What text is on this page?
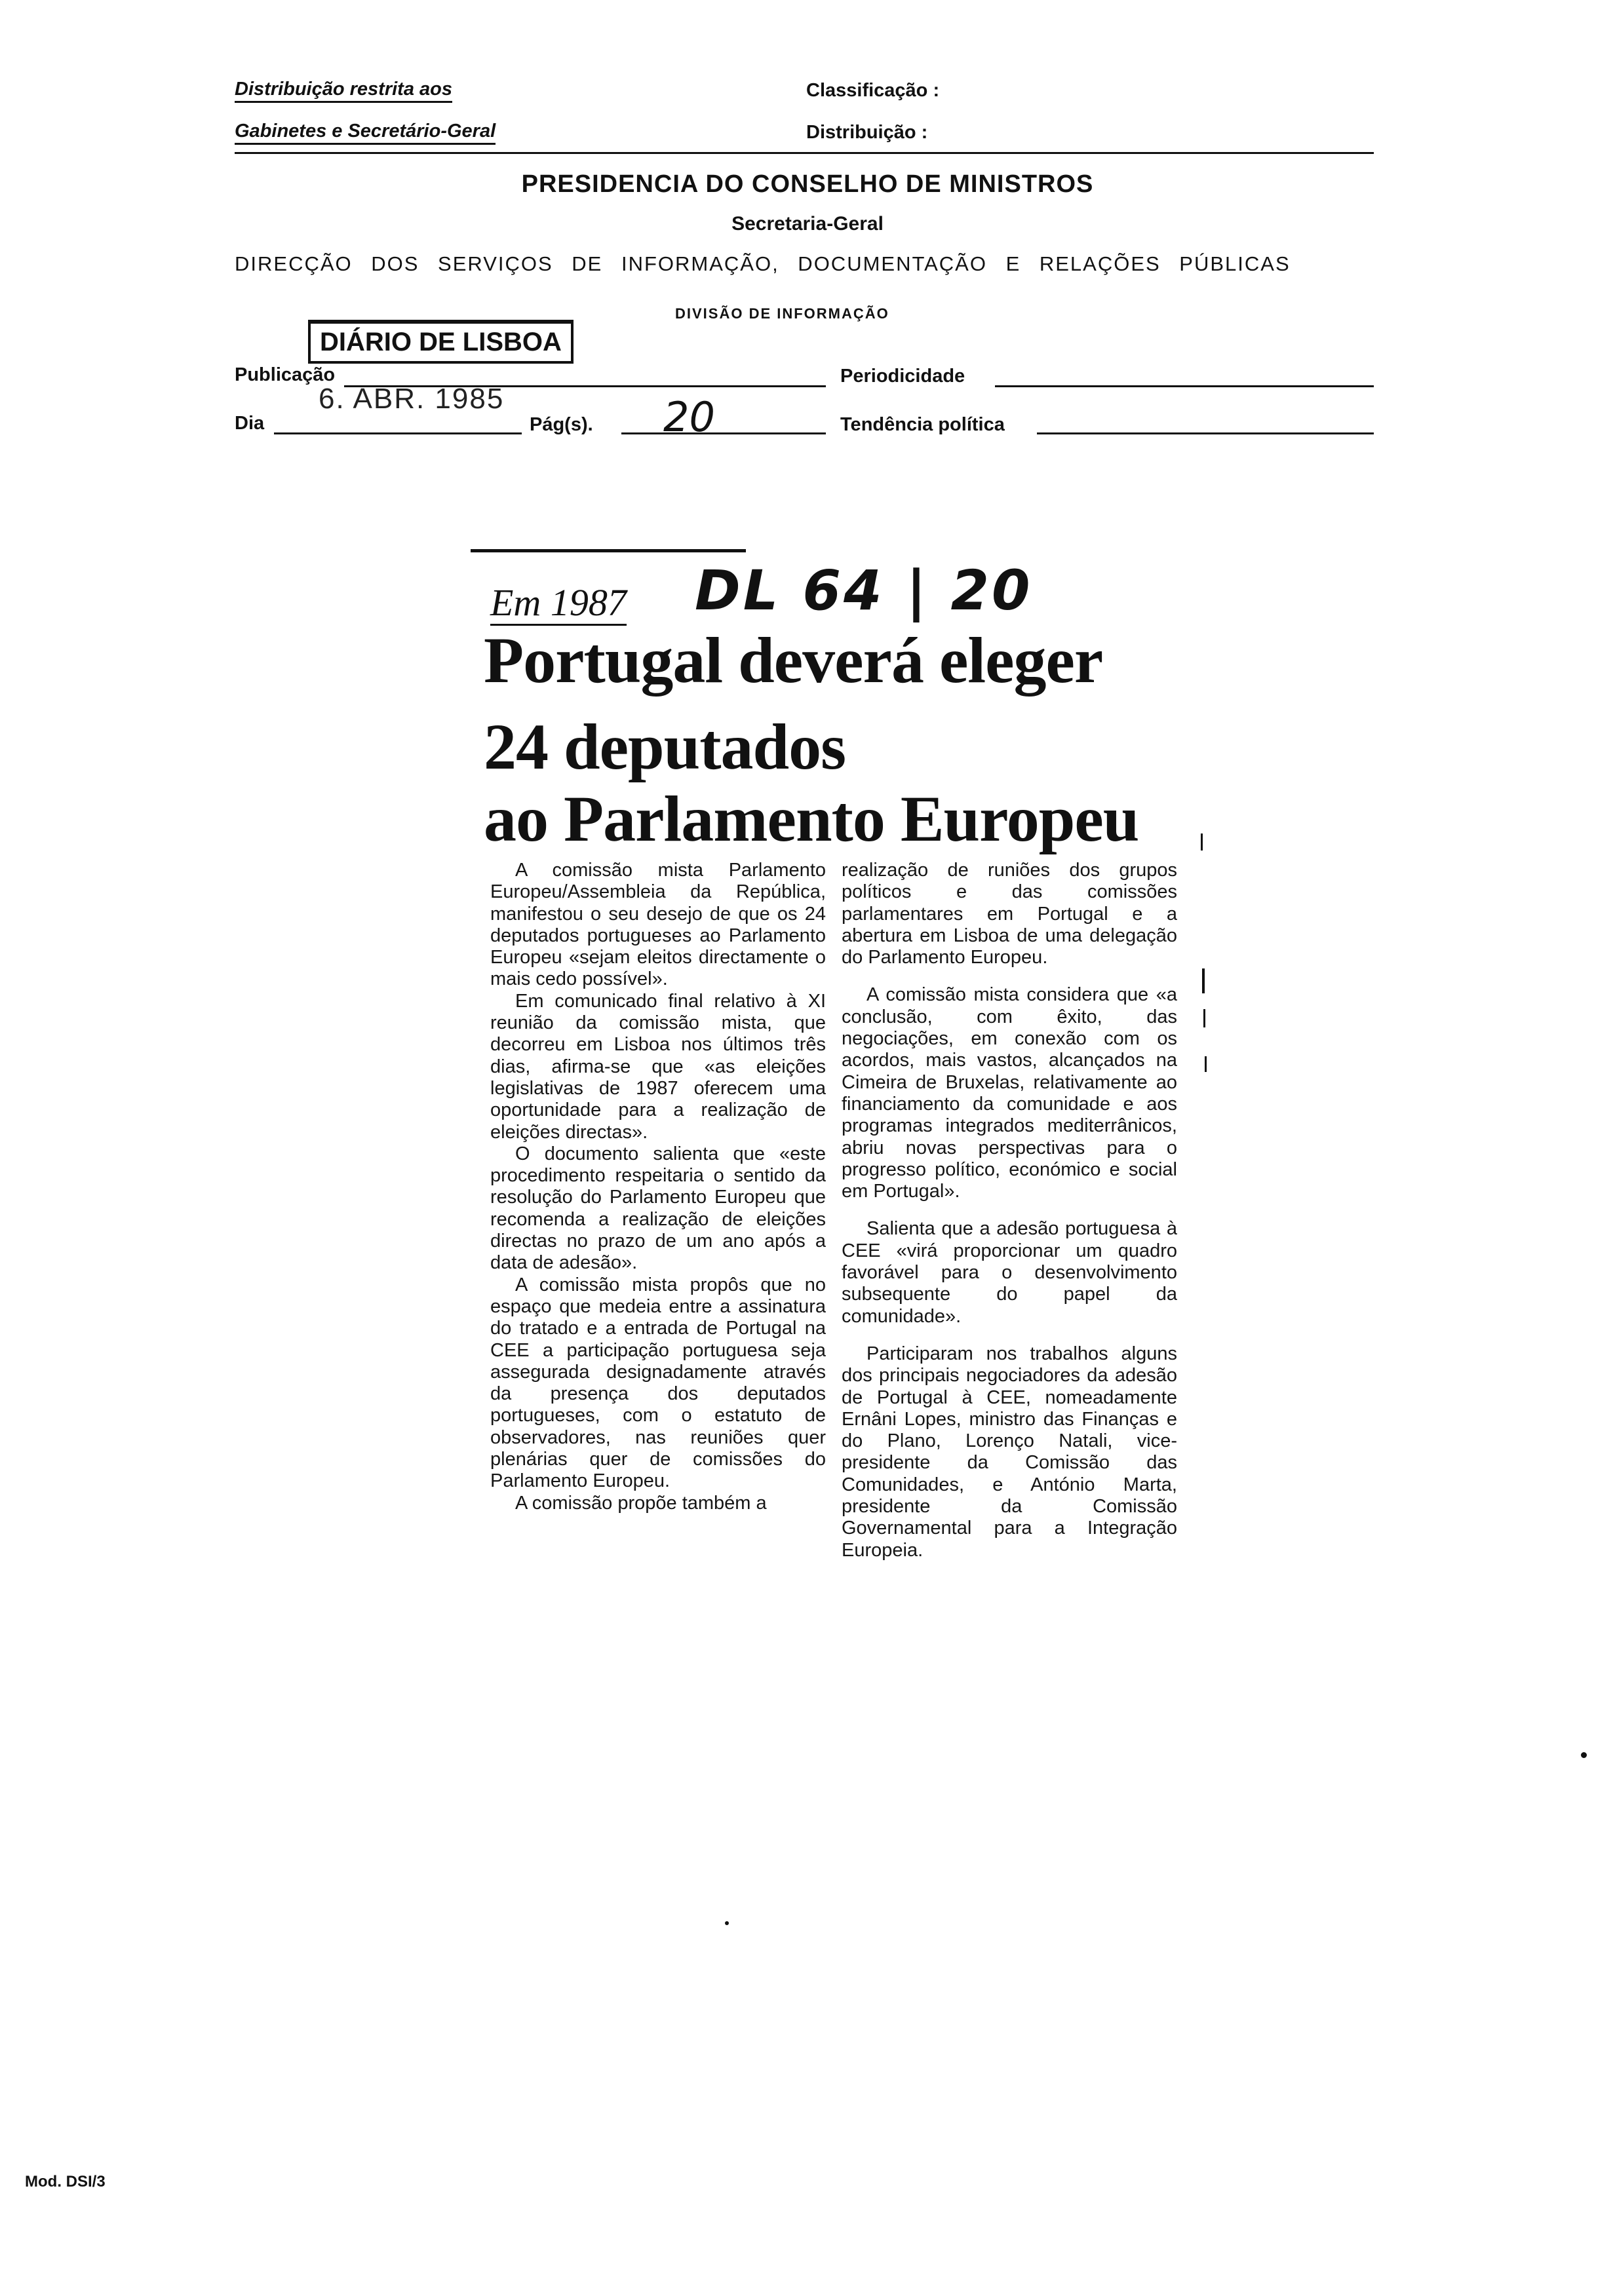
Distribuição restrita aos
Gabinetes e Secretário-Geral
Classificação :
Distribuição :
PRESIDENCIA DO CONSELHO DE MINISTROS
Secretaria-Geral
DIRECÇÃO DOS SERVIÇOS DE INFORMAÇÃO, DOCUMENTAÇÃO E RELAÇÕES PÚBLICAS
DIVISÃO DE INFORMAÇÃO
DIÁRIO DE LISBOA
Publicação	Periodicidade
6. ABR. 1985
Dia	Pág(s). 20	Tendência política
Em 1987 DL 64 | 20
Portugal deverá eleger
24 deputados
ao Parlamento Europeu

A comissão mista Parlamento Europeu/Assembleia da República, manifestou o seu desejo de que os 24 deputados portugueses ao Parlamento Europeu «sejam eleitos directamente o mais cedo possível».

Em comunicado final relativo à XI reunião da comissão mista, que decorreu em Lisboa nos últimos três dias, afirma-se que «as eleições legislativas de 1987 oferecem uma oportunidade para a realização de eleições directas».

O documento salienta que «este procedimento respeitaria o sentido da resolução do Parlamento Europeu que recomenda a realização de eleições directas no prazo de um ano após a data de adesão».

A comissão mista propôs que no espaço que medeia entre a assinatura do tratado e a entrada de Portugal na CEE a participação portuguesa seja assegurada designadamente através da presença dos deputados portugueses, com o estatuto de observadores, nas reuniões quer plenárias quer de comissões do Parlamento Europeu.

A comissão propõe também a

realização de runiões dos grupos políticos e das comissões parlamentares em Portugal e a abertura em Lisboa de uma delegação do Parlamento Europeu.

A comissão mista considera que «a conclusão, com êxito, das negociações, em conexão com os acordos, mais vastos, alcançados na Cimeira de Bruxelas, relativamente ao financiamento da comunidade e aos programas integrados mediterrânicos, abriu novas perspectivas para o progresso político, económico e social em Portugal».

Salienta que a adesão portuguesa à CEE «virá proporcionar um quadro favorável para o desenvolvimento subsequente do papel da comunidade».

Participaram nos trabalhos alguns dos principais negociadores da adesão de Portugal à CEE, nomeadamente Ernâni Lopes, ministro das Finanças e do Plano, Lorenço Natali, vice-presidente da Comissão das Comunidades, e António Marta, presidente da Comissão Governamental para a Integração Europeia.

Mod. DSI/3
